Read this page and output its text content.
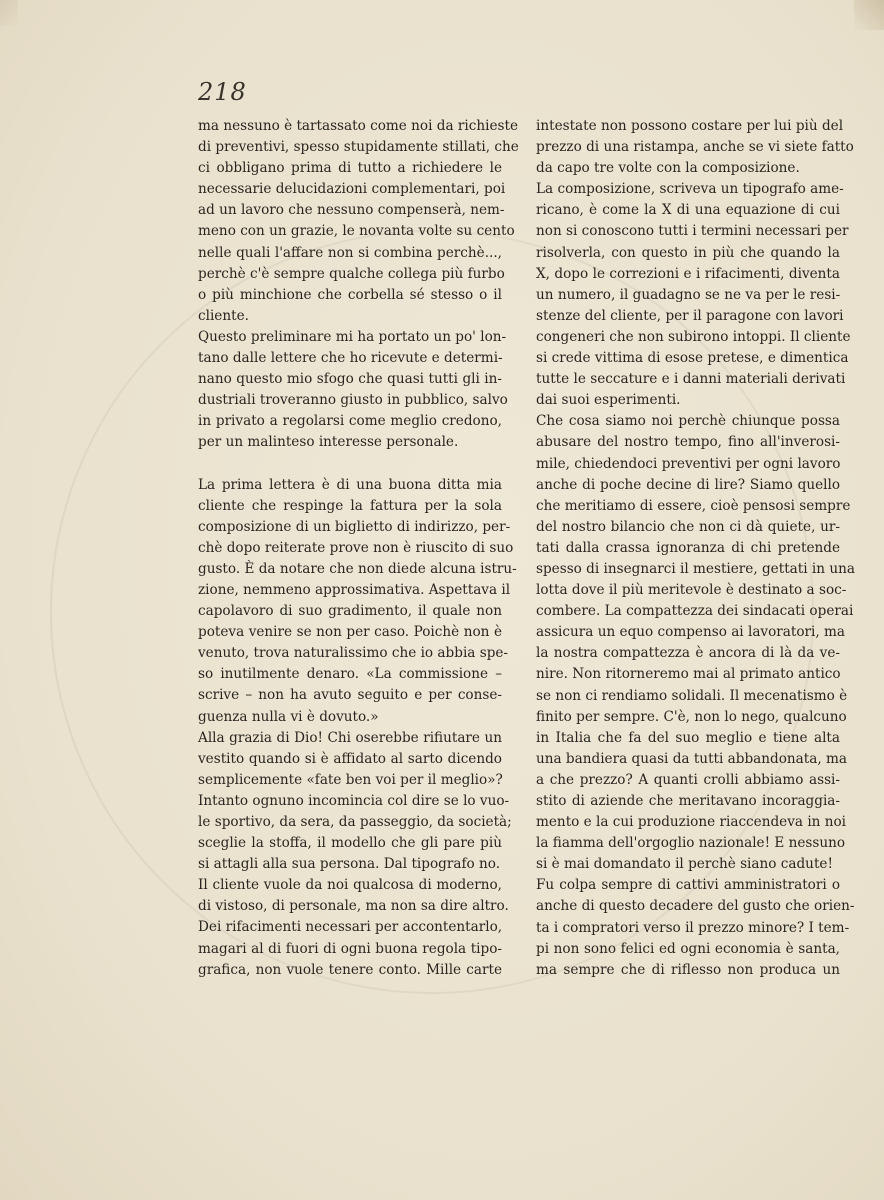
218
ma nessuno è tartassato come noi da richieste
di preventivi, spesso stupidamente stillati, che
ci obbligano prima di tutto a richiedere le
necessarie delucidazioni complementari, poi
ad un lavoro che nessuno compenserà, nem-
meno con un grazie, le novanta volte su cento
nelle quali l'affare non si combina perchè...,
perchè c'è sempre qualche collega più furbo
o più minchione che corbella sé stesso o il
cliente.
Questo preliminare mi ha portato un po' lon-
tano dalle lettere che ho ricevute e determi-
nano questo mio sfogo che quasi tutti gli in-
dustriali troveranno giusto in pubblico, salvo
in privato a regolarsi come meglio credono,
per un malinteso interesse personale.
La prima lettera è di una buona ditta mia
cliente che respinge la fattura per la sola
composizione di un biglietto di indirizzo, per-
chè dopo reiterate prove non è riuscito di suo
gusto. È da notare che non diede alcuna istru-
zione, nemmeno approssimativa. Aspettava il
capolavoro di suo gradimento, il quale non
poteva venire se non per caso. Poichè non è
venuto, trova naturalissimo che io abbia spe-
so inutilmente denaro. «La commissione –
scrive – non ha avuto seguito e per conse-
guenza nulla vi è dovuto.»
Alla grazia di Dio! Chi oserebbe rifiutare un
vestito quando si è affidato al sarto dicendo
semplicemente «fate ben voi per il meglio»?
Intanto ognuno incomincia col dire se lo vuo-
le sportivo, da sera, da passeggio, da società;
sceglie la stoffa, il modello che gli pare più
si attagli alla sua persona. Dal tipografo no.
Il cliente vuole da noi qualcosa di moderno,
di vistoso, di personale, ma non sa dire altro.
Dei rifacimenti necessari per accontentarlo,
magari al di fuori di ogni buona regola tipo-
grafica, non vuole tenere conto. Mille carte
intestate non possono costare per lui più del
prezzo di una ristampa, anche se vi siete fatto
da capo tre volte con la composizione.
La composizione, scriveva un tipografo ame-
ricano, è come la X di una equazione di cui
non si conoscono tutti i termini necessari per
risolverla, con questo in più che quando la
X, dopo le correzioni e i rifacimenti, diventa
un numero, il guadagno se ne va per le resi-
stenze del cliente, per il paragone con lavori
congeneri che non subirono intoppi. Il cliente
si crede vittima di esose pretese, e dimentica
tutte le seccature e i danni materiali derivati
dai suoi esperimenti.
Che cosa siamo noi perchè chiunque possa
abusare del nostro tempo, fino all'inverosi-
mile, chiedendoci preventivi per ogni lavoro
anche di poche decine di lire? Siamo quello
che meritiamo di essere, cioè pensosi sempre
del nostro bilancio che non ci dà quiete, ur-
tati dalla crassa ignoranza di chi pretende
spesso di insegnarci il mestiere, gettati in una
lotta dove il più meritevole è destinato a soc-
combere. La compattezza dei sindacati operai
assicura un equo compenso ai lavoratori, ma
la nostra compattezza è ancora di là da ve-
nire. Non ritorneremo mai al primato antico
se non ci rendiamo solidali. Il mecenatismo è
finito per sempre. C'è, non lo nego, qualcuno
in Italia che fa del suo meglio e tiene alta
una bandiera quasi da tutti abbandonata, ma
a che prezzo? A quanti crolli abbiamo assi-
stito di aziende che meritavano incoraggia-
mento e la cui produzione riaccendeva in noi
la fiamma dell'orgoglio nazionale! E nessuno
si è mai domandato il perchè siano cadute!
Fu colpa sempre di cattivi amministratori o
anche di questo decadere del gusto che orien-
ta i compratori verso il prezzo minore? I tem-
pi non sono felici ed ogni economia è santa,
ma sempre che di riflesso non produca un
